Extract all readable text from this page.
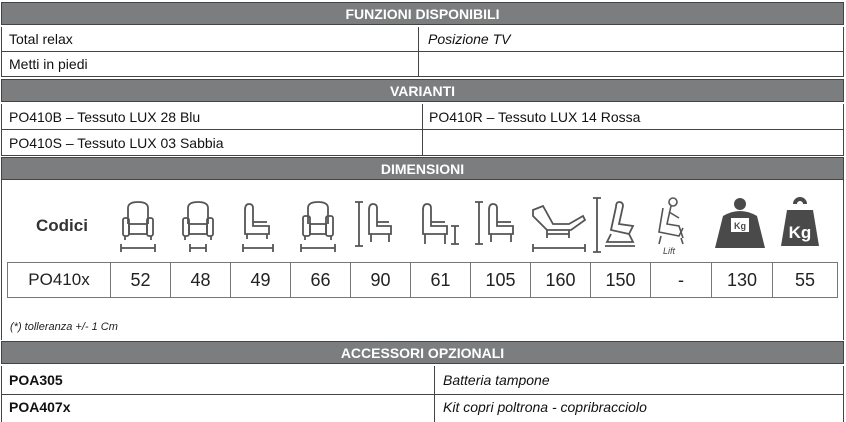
FUNZIONI DISPONIBILI
Total relax	Posizione TV
Metti in piedi
VARIANTI
PO410B – Tessuto LUX 28 Blu	PO410R – Tessuto LUX 14 Rossa
PO410S – Tessuto LUX 03 Sabbia
DIMENSIONI
Codici
Lift
Kg	Kg
PO410x	52	48	49	66	90	61	105	160	150	-	130	55
(*) tolleranza +/- 1 Cm
ACCESSORI OPZIONALI
POA305	Batteria tampone
POA407x	Kit copri poltrona - copribracciolo
